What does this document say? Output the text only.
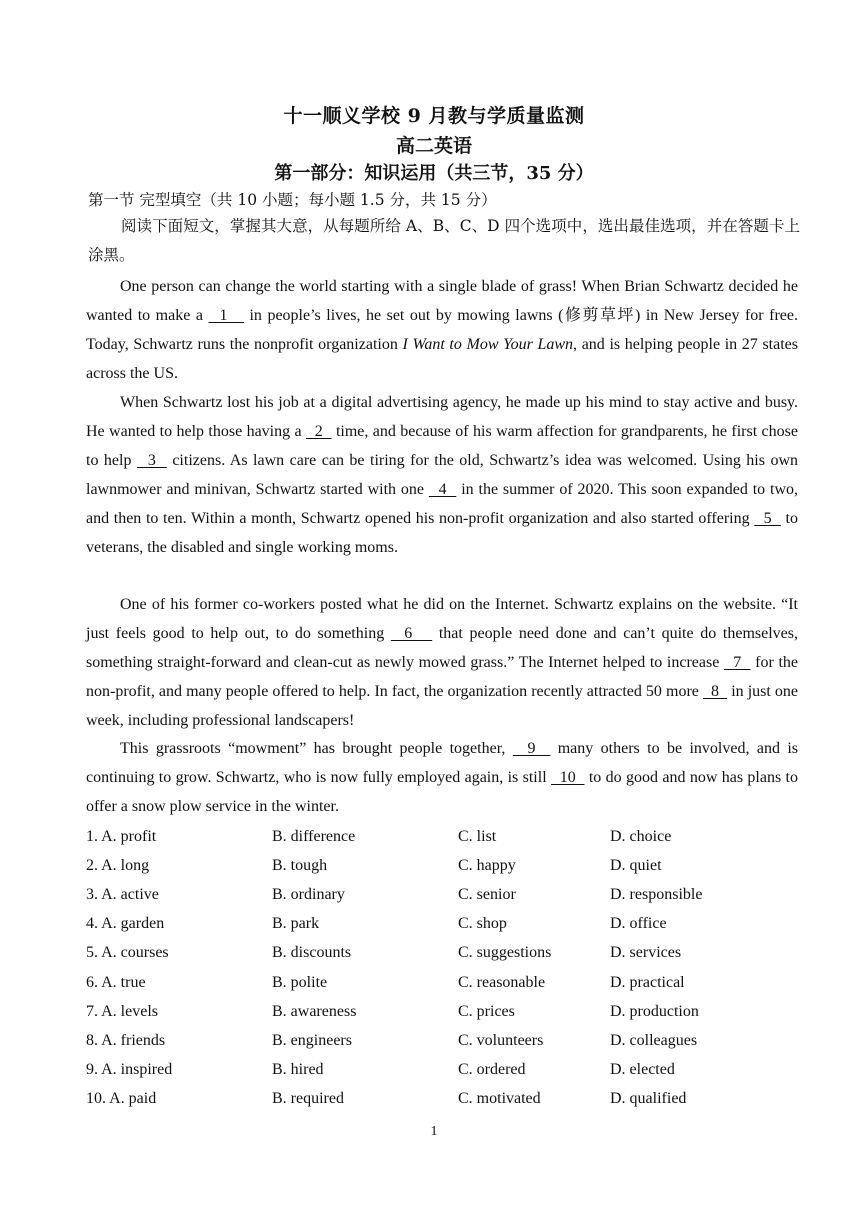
十一顺义学校 9 月教与学质量监测
高二英语
第一部分：知识运用（共三节，35 分）
第一节 完型填空（共 10 小题；每小题 1.5 分，共 15 分）
阅读下面短文，掌握其大意，从每题所给 A、B、C、D 四个选项中，选出最佳选项，并在答题卡上涂黑。
One person can change the world starting with a single blade of grass! When Brian Schwartz decided he wanted to make a   1    in people’s lives, he set out by mowing lawns (修剪草坪) in New Jersey for free. Today, Schwartz runs the nonprofit organization I Want to Mow Your Lawn, and is helping people in 27 states across the US.
When Schwartz lost his job at a digital advertising agency, he made up his mind to stay active and busy. He wanted to help those having a   2   time, and because of his warm affection for grandparents, he first chose to help   3   citizens. As lawn care can be tiring for the old, Schwartz’s idea was welcomed. Using his own lawnmower and minivan, Schwartz started with one   4   in the summer of 2020. This soon expanded to two, and then to ten. Within a month, Schwartz opened his non-profit organization and also started offering   5   to veterans, the disabled and single working moms.
One of his former co-workers posted what he did on the Internet. Schwartz explains on the website. “It just feels good to help out, to do something   6    that people need done and can’t quite do themselves, something straight-forward and clean-cut as newly mowed grass.” The Internet helped to increase   7   for the non-profit, and many people offered to help. In fact, the organization recently attracted 50 more   8   in just one week, including professional landscapers!
This grassroots “mowment” has brought people together,   9   many others to be involved, and is continuing to grow. Schwartz, who is now fully employed again, is still   10   to do good and now has plans to offer a snow plow service in the winter.
1. A. profit	B. difference	C. list	D. choice
2. A. long	B. tough	C. happy	D. quiet
3. A. active	B. ordinary	C. senior	D. responsible
4. A. garden	B. park	C. shop	D. office
5. A. courses	B. discounts	C. suggestions	D. services
6. A. true	B. polite	C. reasonable	D. practical
7. A. levels	B. awareness	C. prices	D. production
8. A. friends	B. engineers	C. volunteers	D. colleagues
9. A. inspired	B. hired	C. ordered	D. elected
10. A. paid	B. required	C. motivated	D. qualified
1
